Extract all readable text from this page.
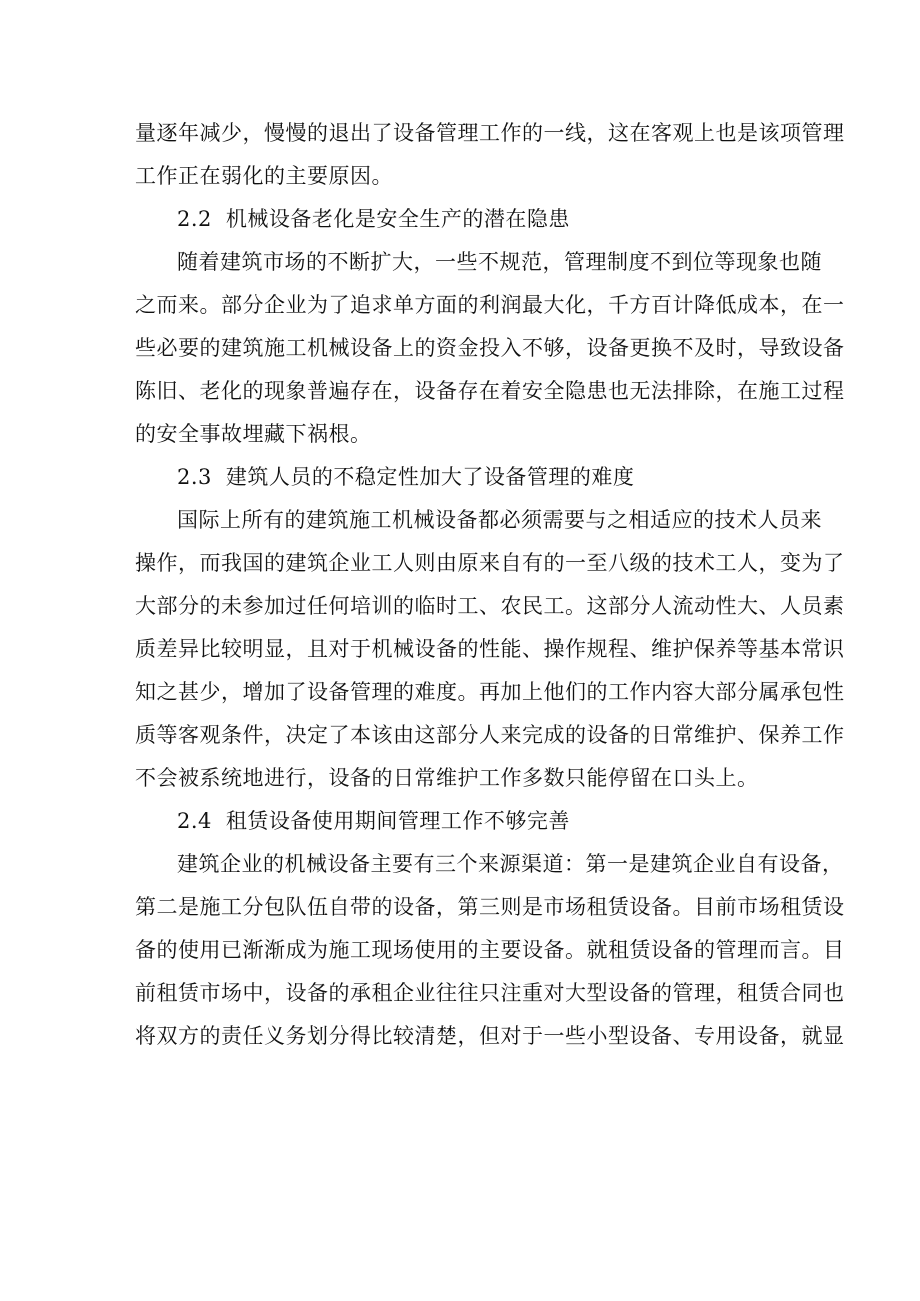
量逐年减少，慢慢的退出了设备管理工作的一线，这在客观上也是该项管理

工作正在弱化的主要原因。

2.2 机械设备老化是安全生产的潜在隐患

随着建筑市场的不断扩大，一些不规范，管理制度不到位等现象也随

之而来。部分企业为了追求单方面的利润最大化，千方百计降低成本，在一

些必要的建筑施工机械设备上的资金投入不够，设备更换不及时，导致设备

陈旧、老化的现象普遍存在，设备存在着安全隐患也无法排除，在施工过程

的安全事故埋藏下祸根。

2.3 建筑人员的不稳定性加大了设备管理的难度

国际上所有的建筑施工机械设备都必须需要与之相适应的技术人员来

操作，而我国的建筑企业工人则由原来自有的一至八级的技术工人，变为了

大部分的未参加过任何培训的临时工、农民工。这部分人流动性大、人员素

质差异比较明显，且对于机械设备的性能、操作规程、维护保养等基本常识

知之甚少，增加了设备管理的难度。再加上他们的工作内容大部分属承包性

质等客观条件，决定了本该由这部分人来完成的设备的日常维护、保养工作

不会被系统地进行，设备的日常维护工作多数只能停留在口头上。

2.4 租赁设备使用期间管理工作不够完善

建筑企业的机械设备主要有三个来源渠道：第一是建筑企业自有设备，

第二是施工分包队伍自带的设备，第三则是市场租赁设备。目前市场租赁设

备的使用已渐渐成为施工现场使用的主要设备。就租赁设备的管理而言。目

前租赁市场中，设备的承租企业往往只注重对大型设备的管理，租赁合同也

将双方的责任义务划分得比较清楚，但对于一些小型设备、专用设备，就显
